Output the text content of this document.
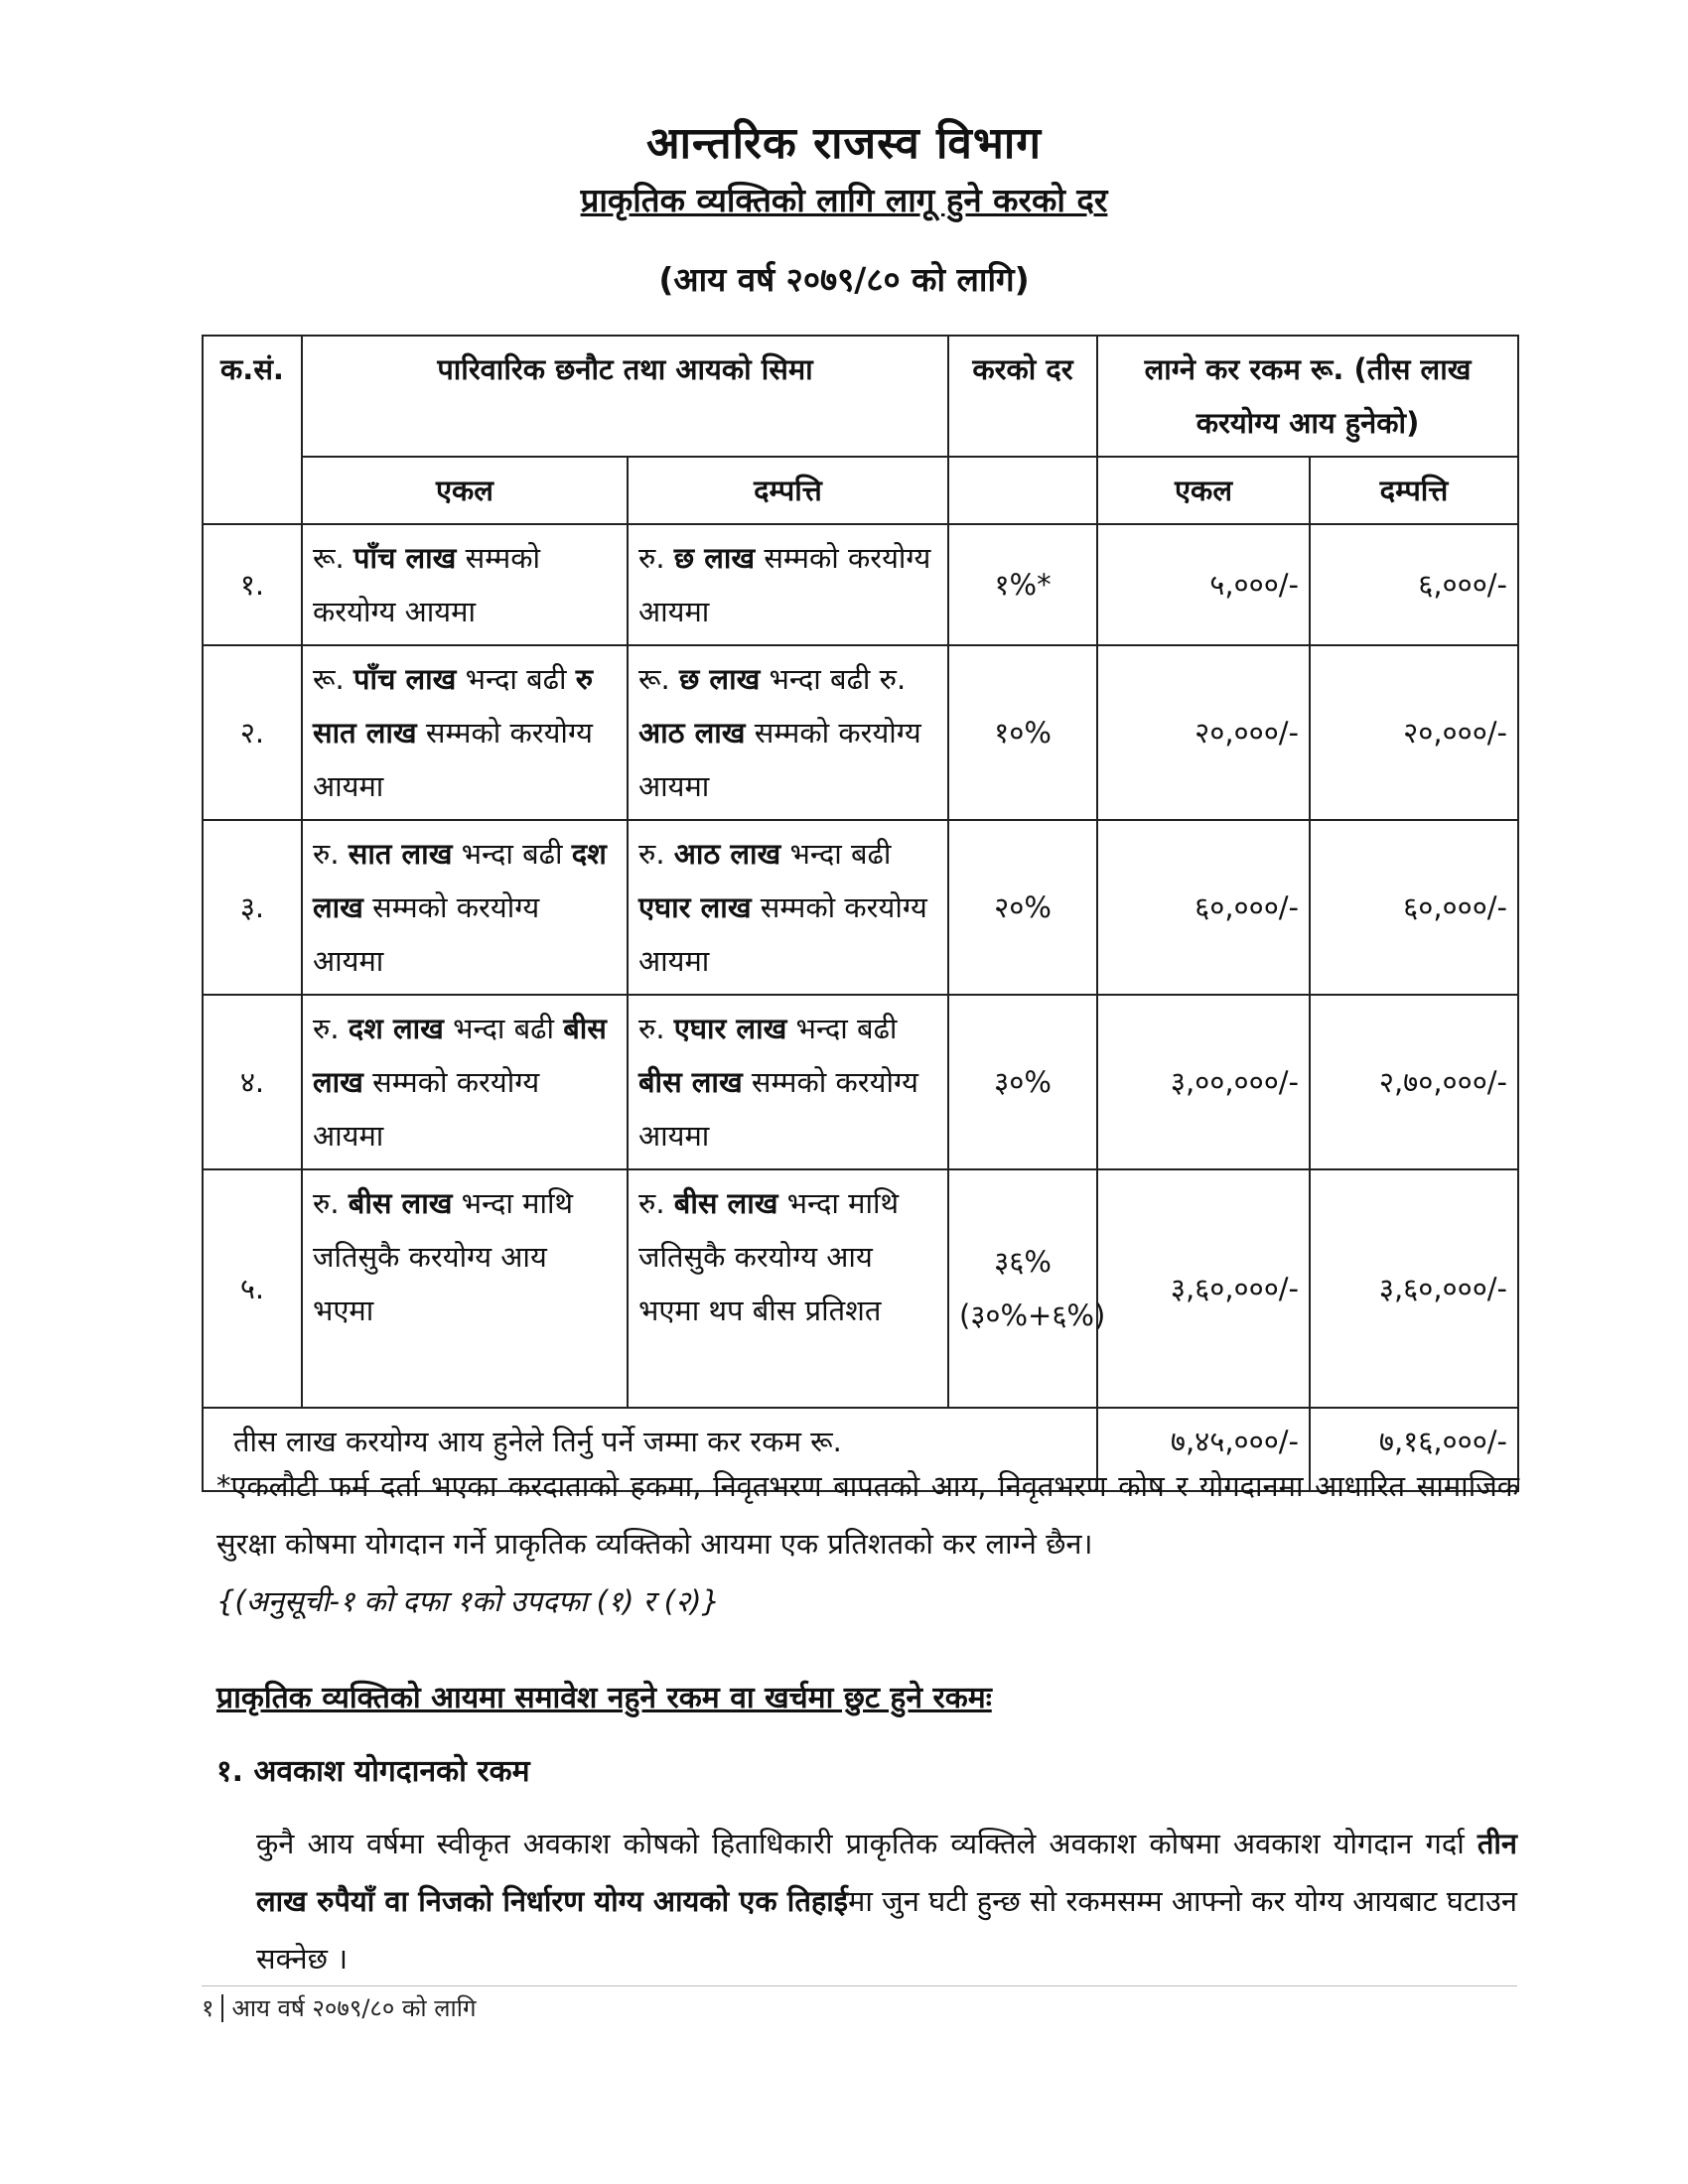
आन्तरिक राजस्व विभाग
प्राकृतिक व्यक्तिको लागि लागू हुने करको दर
(आय वर्ष २०७९/८० को लागि)
क.सं.	पारिवारिक छनौट तथा आयको सिमा		करको दर	लाग्ने कर रकम रू. (तीस लाख करयोग्य आय हुनेको)	
	एकल	दम्पत्ति		एकल	दम्पत्ति
१.	रू. पाँच लाख सम्मको करयोग्य आयमा	रु. छ लाख सम्मको करयोग्य आयमा	१%*	५,०००/-	६,०००/-
२.	रू. पाँच लाख भन्दा बढी रु सात लाख सम्मको करयोग्य आयमा	रू. छ लाख भन्दा बढी रु. आठ लाख सम्मको करयोग्य आयमा	१०%	२०,०००/-	२०,०००/-
३.	रु. सात लाख भन्दा बढी दश लाख सम्मको करयोग्य आयमा	रु. आठ लाख भन्दा बढी एघार लाख सम्मको करयोग्य आयमा	२०%	६०,०००/-	६०,०००/-
४.	रु. दश लाख भन्दा बढी बीस लाख सम्मको करयोग्य आयमा	रु. एघार लाख भन्दा बढी बीस लाख सम्मको करयोग्य आयमा	३०%	३,००,०००/-	२,७०,०००/-
५.	रु. बीस लाख भन्दा माथि जतिसुकै करयोग्य आय भएमा	रु. बीस लाख भन्दा माथि जतिसुकै करयोग्य आय भएमा थप बीस प्रतिशत	३६% (३०%+६%)	३,६०,०००/-	३,६०,०००/-
तीस लाख करयोग्य आय हुनेले तिर्नु पर्ने जम्मा कर रकम रू.				७,४५,०००/-	७,१६,०००/-
*एकलौटी फर्म दर्ता भएका करदाताको हकमा, निवृतभरण बापतको आय, निवृतभरण कोष र योगदानमा आधारित सामाजिक सुरक्षा कोषमा योगदान गर्ने प्राकृतिक व्यक्तिको आयमा एक प्रतिशतको कर लाग्ने छैन।
{(अनुसूची-१ को दफा १को उपदफा (१) र (२)}
प्राकृतिक व्यक्तिको आयमा समावेश नहुने रकम वा खर्चमा छुट हुने रकमः
१. अवकाश योगदानको रकम
कुनै आय वर्षमा स्वीकृत अवकाश कोषको हिताधिकारी प्राकृतिक व्यक्तिले अवकाश कोषमा अवकाश योगदान गर्दा तीन लाख रुपैयाँ वा निजको निर्धारण योग्य आयको एक तिहाईमा जुन घटी हुन्छ सो रकमसम्म आफ्नो कर योग्य आयबाट घटाउन सक्नेछ ।
१ आय वर्ष २०७९/८० को लागि
